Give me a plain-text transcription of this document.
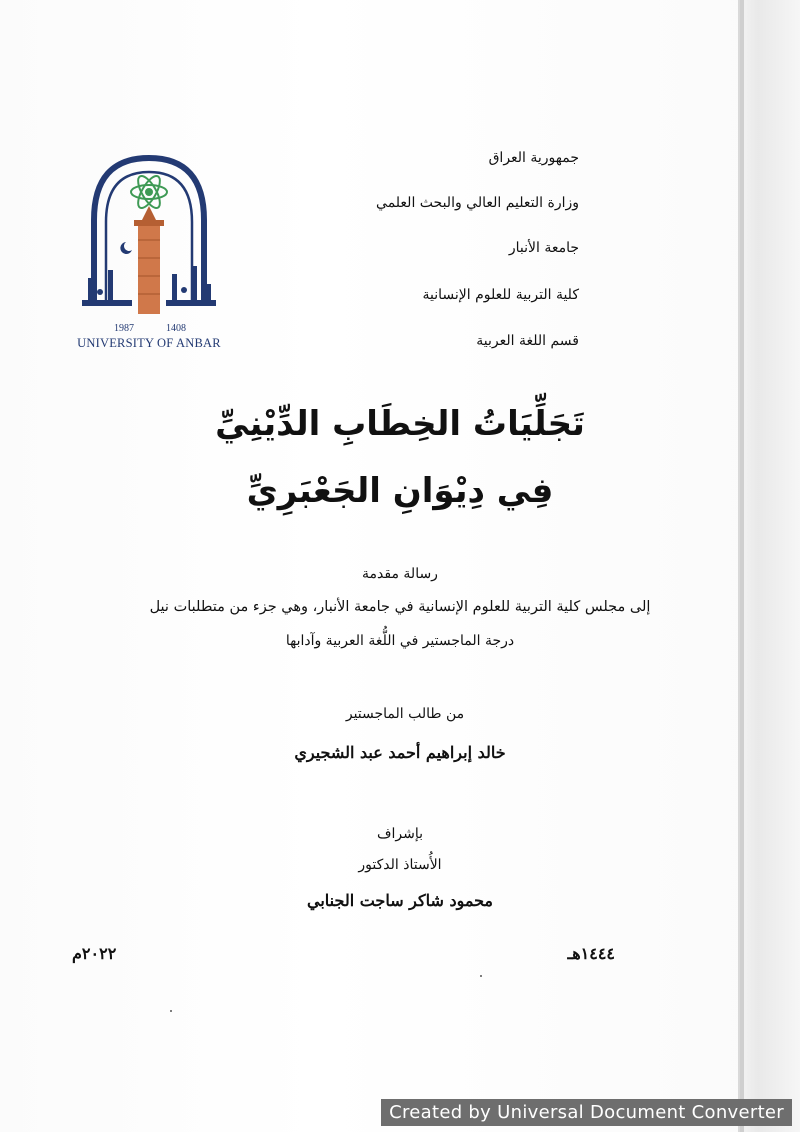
1987	1408
UNIVERSITY OF ANBAR
جمهورية العراق
وزارة التعليم العالي والبحث العلمي
جامعة الأنبار
كلية التربية للعلوم الإنسانية
قسم اللغة العربية
تَجَلِّيَاتُ الخِطَابِ الدِّيْنِيِّ
فِي دِيْوَانِ الجَعْبَرِيِّ
رسالة مقدمة
إلى مجلس كلية التربية للعلوم الإنسانية في جامعة الأنبار، وهي جزء من متطلبات نيل
درجة الماجستير في اللُّغة العربية وآدابها
من طالب الماجستير
خالد إبراهيم أحمد عبد الشجيري
بإشراف
الأُستاذ الدكتور
محمود شاكر ساجت الجنابي
١٤٤٤هـ
٢٠٢٢م
Created by Universal Document Converter
